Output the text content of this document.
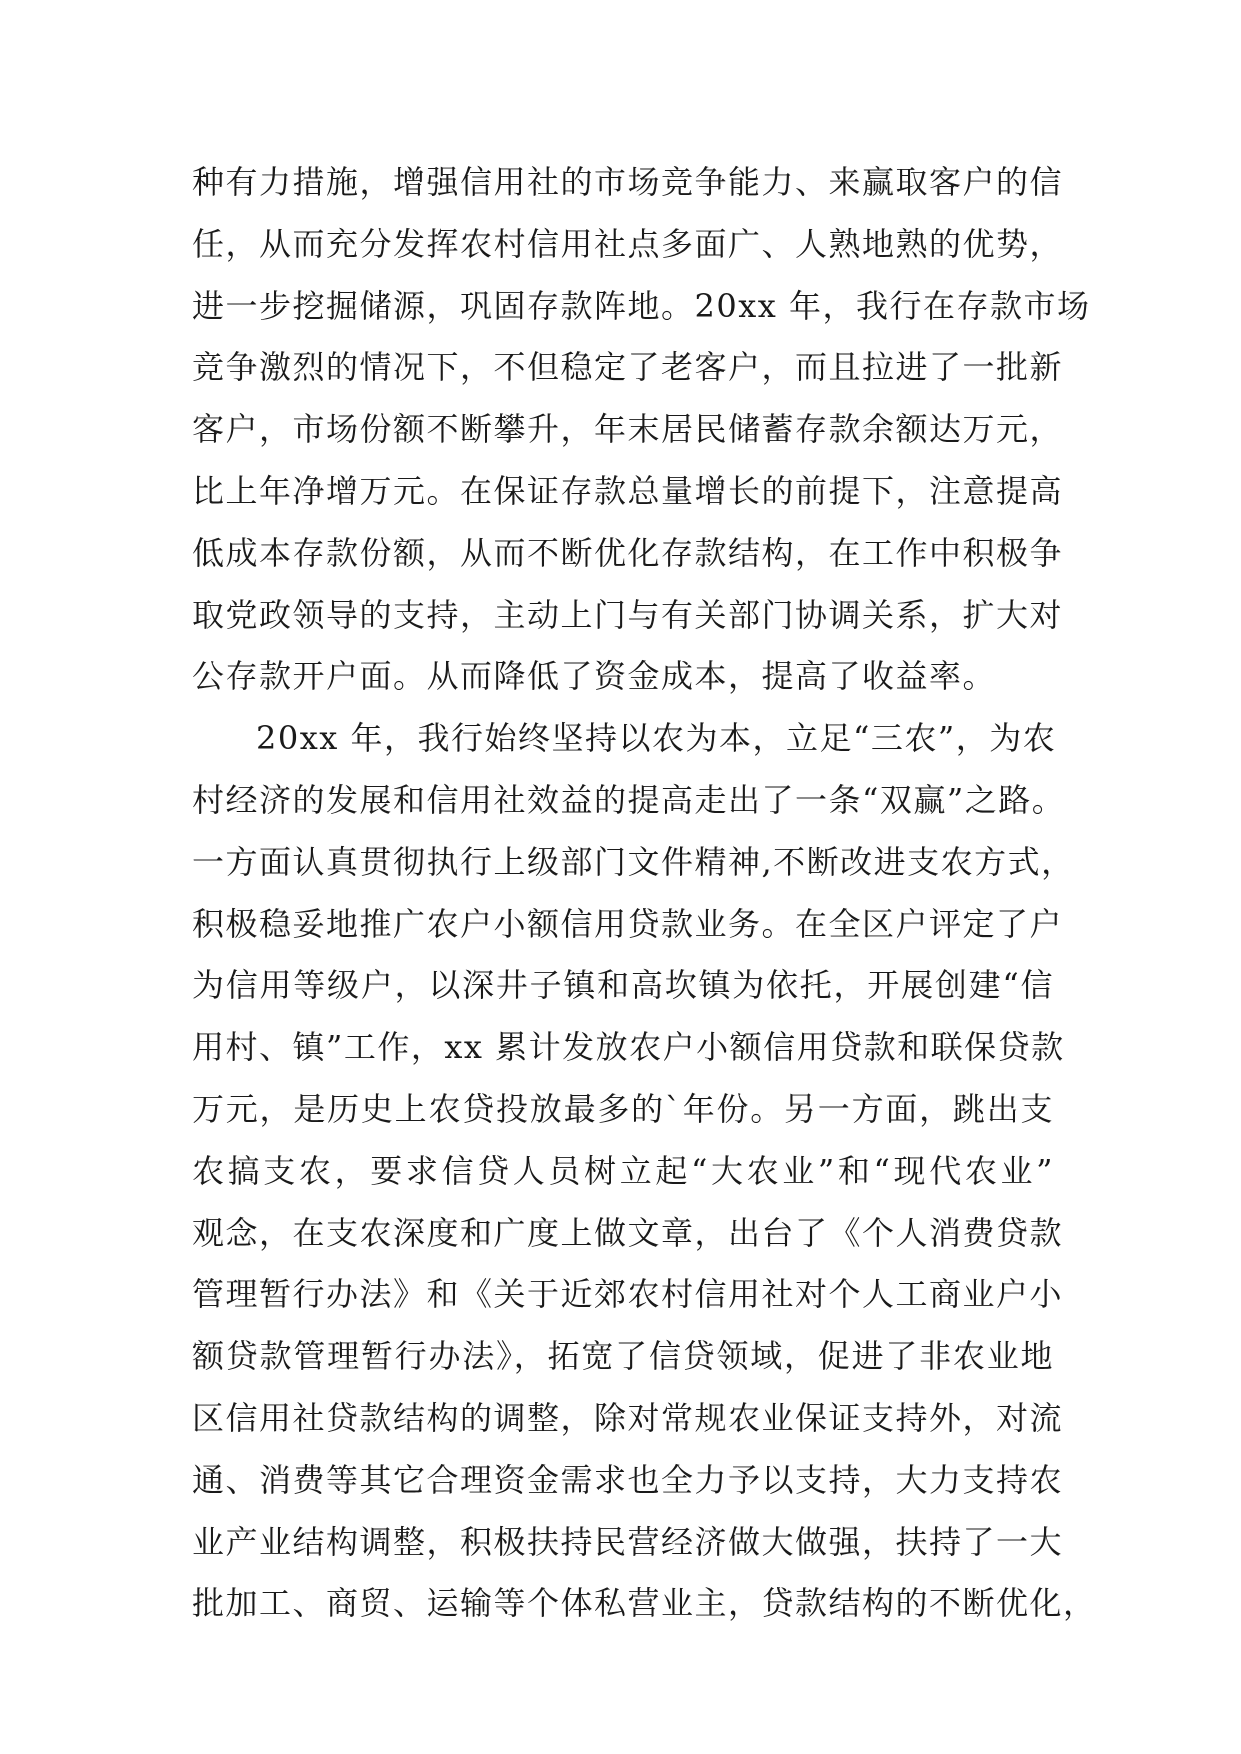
种有力措施，增强信用社的市场竞争能力、来赢取客户的信
任，从而充分发挥农村信用社点多面广、人熟地熟的优势，
进一步挖掘储源，巩固存款阵地。20xx 年，我行在存款市场
竞争激烈的情况下，不但稳定了老客户，而且拉进了一批新
客户，市场份额不断攀升，年末居民储蓄存款余额达万元，
比上年净增万元。在保证存款总量增长的前提下，注意提高
低成本存款份额，从而不断优化存款结构，在工作中积极争
取党政领导的支持，主动上门与有关部门协调关系，扩大对
公存款开户面。从而降低了资金成本，提高了收益率。
20xx 年，我行始终坚持以农为本，立足“三农”，为农
村经济的发展和信用社效益的提高走出了一条“双赢”之路。
一方面认真贯彻执行上级部门文件精神,不断改进支农方式，
积极稳妥地推广农户小额信用贷款业务。在全区户评定了户
为信用等级户，以深井子镇和高坎镇为依托，开展创建“信
用村、镇”工作，xx 累计发放农户小额信用贷款和联保贷款
万元，是历史上农贷投放最多的`年份。另一方面，跳出支
农搞支农，要求信贷人员树立起“大农业”和“现代农业”
观念，在支农深度和广度上做文章，出台了《个人消费贷款
管理暂行办法》和《关于近郊农村信用社对个人工商业户小
额贷款管理暂行办法》，拓宽了信贷领域，促进了非农业地
区信用社贷款结构的调整，除对常规农业保证支持外，对流
通、消费等其它合理资金需求也全力予以支持，大力支持农
业产业结构调整，积极扶持民营经济做大做强，扶持了一大
批加工、商贸、运输等个体私营业主，贷款结构的不断优化，
